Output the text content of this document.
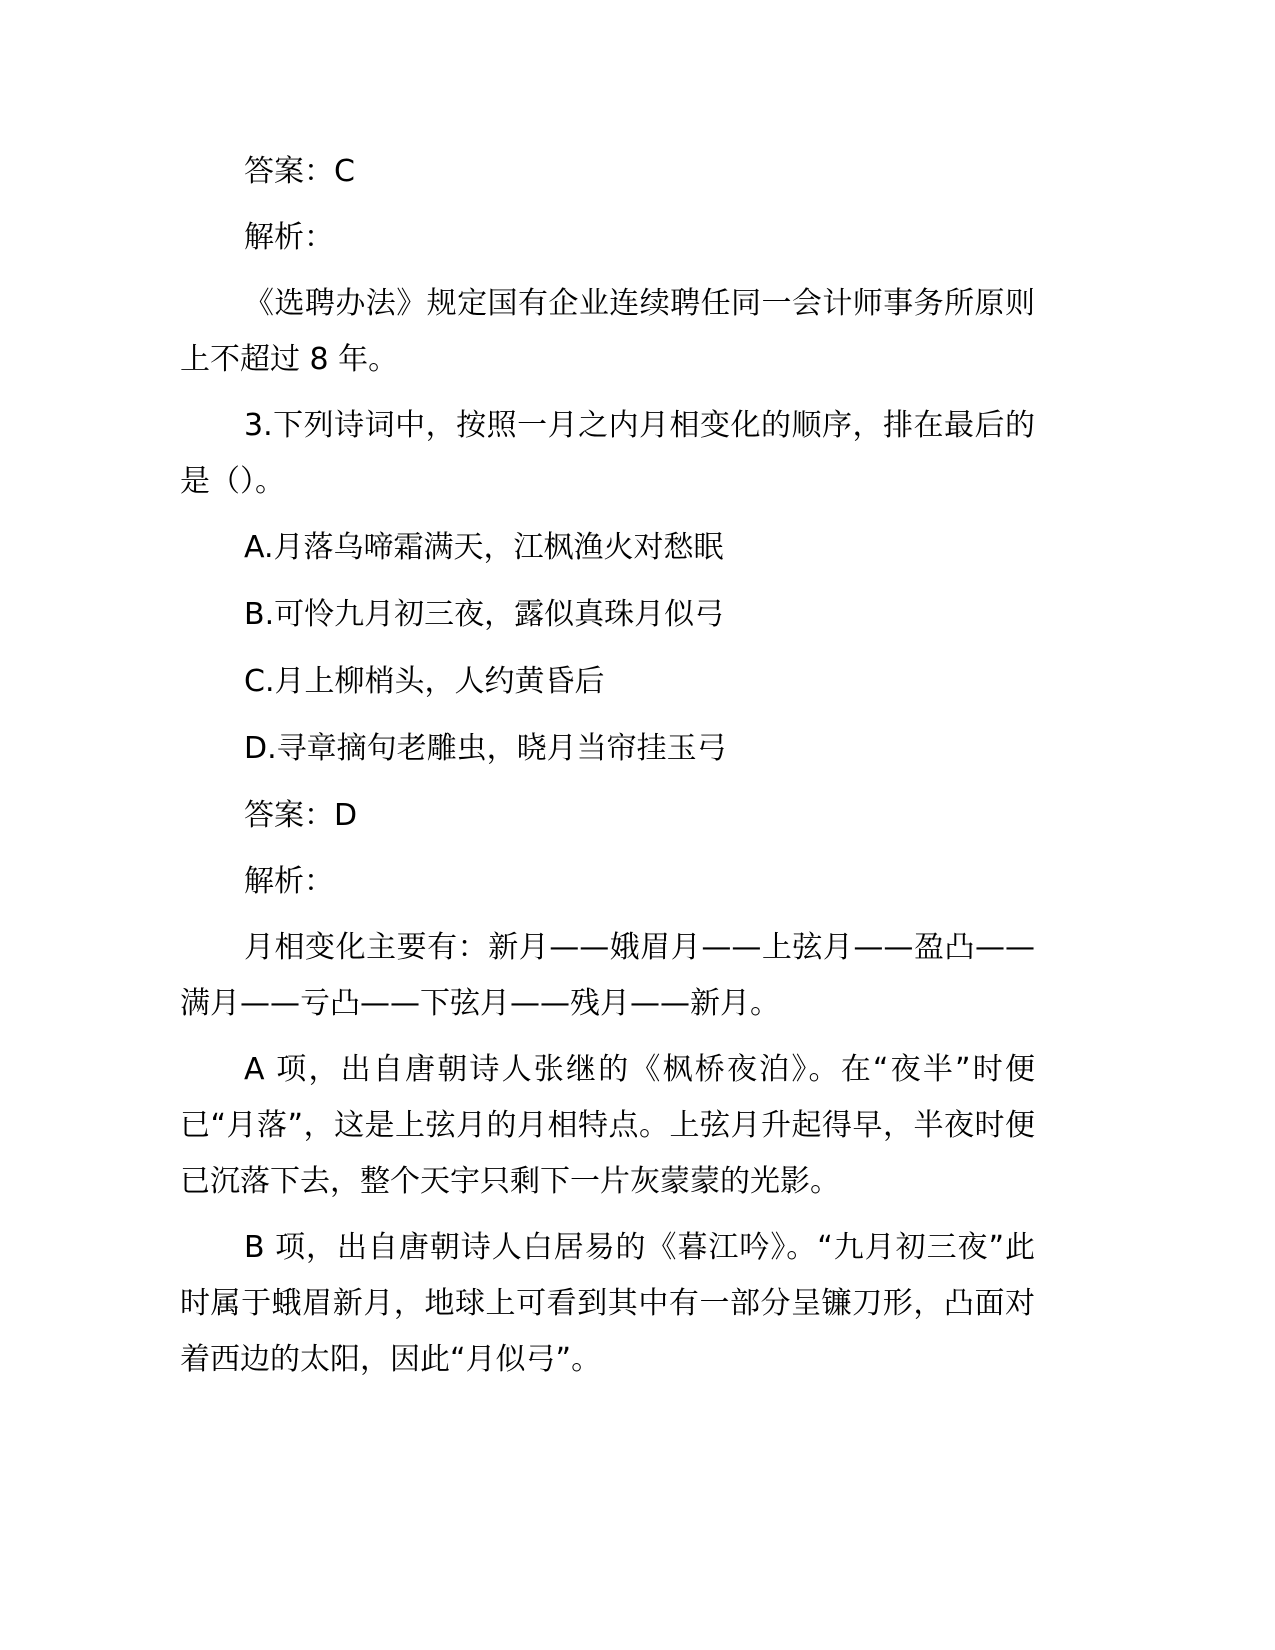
答案：C

解析：

《选聘办法》规定国有企业连续聘任同一会计师事务所原则上不超过 8 年。

3.下列诗词中，按照一月之内月相变化的顺序，排在最后的是（）。

A.月落乌啼霜满天，江枫渔火对愁眠

B.可怜九月初三夜，露似真珠月似弓

C.月上柳梢头，人约黄昏后

D.寻章摘句老雕虫，晓月当帘挂玉弓

答案：D

解析：

月相变化主要有：新月——娥眉月——上弦月——盈凸——满月——亏凸——下弦月——残月——新月。

A 项，出自唐朝诗人张继的《枫桥夜泊》。在“夜半”时便已“月落”，这是上弦月的月相特点。上弦月升起得早，半夜时便已沉落下去，整个天宇只剩下一片灰蒙蒙的光影。

B 项，出自唐朝诗人白居易的《暮江吟》。“九月初三夜”此时属于蛾眉新月，地球上可看到其中有一部分呈镰刀形，凸面对着西边的太阳，因此“月似弓”。
